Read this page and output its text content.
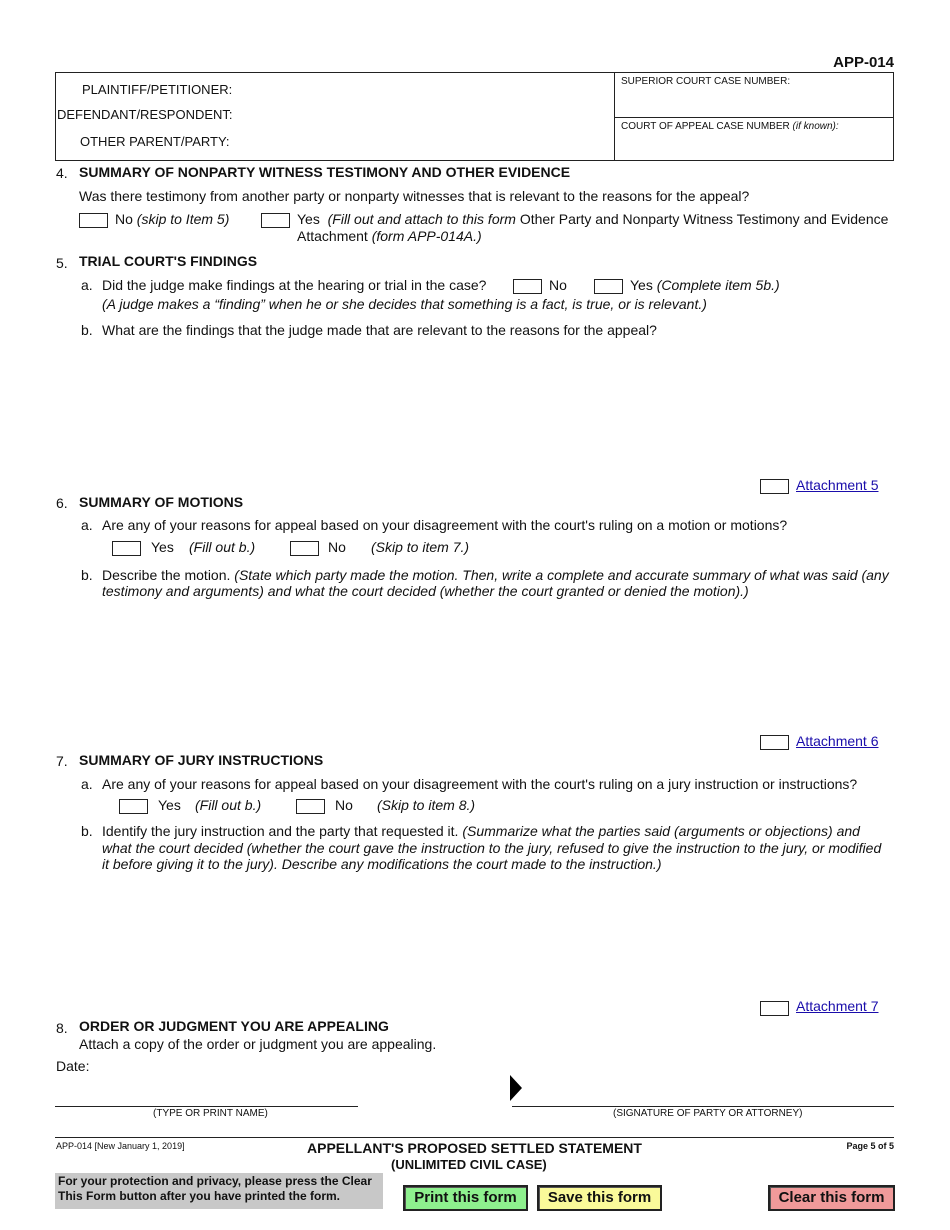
APP-014
PLAINTIFF/PETITIONER:
DEFENDANT/RESPONDENT:
OTHER PARENT/PARTY:
SUPERIOR COURT CASE NUMBER:
COURT OF APPEAL CASE NUMBER (if known):
4. SUMMARY OF NONPARTY WITNESS TESTIMONY AND OTHER EVIDENCE
Was there testimony from another party or nonparty witnesses that is relevant to the reasons for the appeal?
No (skip to Item 5)	Yes (Fill out and attach to this form Other Party and Nonparty Witness Testimony and Evidence
Attachment (form APP-014A.)
5. TRIAL COURT'S FINDINGS
a. Did the judge make findings at the hearing or trial in the case?	No	Yes (Complete item 5b.)
(A judge makes a “finding” when he or she decides that something is a fact, is true, or is relevant.)
b. What are the findings that the judge made that are relevant to the reasons for the appeal?
Attachment 5
6. SUMMARY OF MOTIONS
a. Are any of your reasons for appeal based on your disagreement with the court's ruling on a motion or motions?
Yes (Fill out b.)	No (Skip to item 7.)
b. Describe the motion. (State which party made the motion. Then, write a complete and accurate summary of what was said (any
testimony and arguments) and what the court decided (whether the court granted or denied the motion).)
Attachment 6
7. SUMMARY OF JURY INSTRUCTIONS
a. Are any of your reasons for appeal based on your disagreement with the court's ruling on a jury instruction or instructions?
Yes (Fill out b.)	No (Skip to item 8.)
b. Identify the jury instruction and the party that requested it. (Summarize what the parties said (arguments or objections) and
what the court decided (whether the court gave the instruction to the jury, refused to give the instruction to the jury, or modified
it before giving it to the jury). Describe any modifications the court made to the instruction.)
Attachment 7
8. ORDER OR JUDGMENT YOU ARE APPEALING
Attach a copy of the order or judgment you are appealing.
Date:
(TYPE OR PRINT NAME)	(SIGNATURE OF PARTY OR ATTORNEY)
APP-014 [New January 1, 2019]	APPELLANT'S PROPOSED SETTLED STATEMENT
(UNLIMITED CIVIL CASE)
Page 5 of 5
For your protection and privacy, please press the Clear This Form button after you have printed the form.	Print this form	Save this form	Clear this form
